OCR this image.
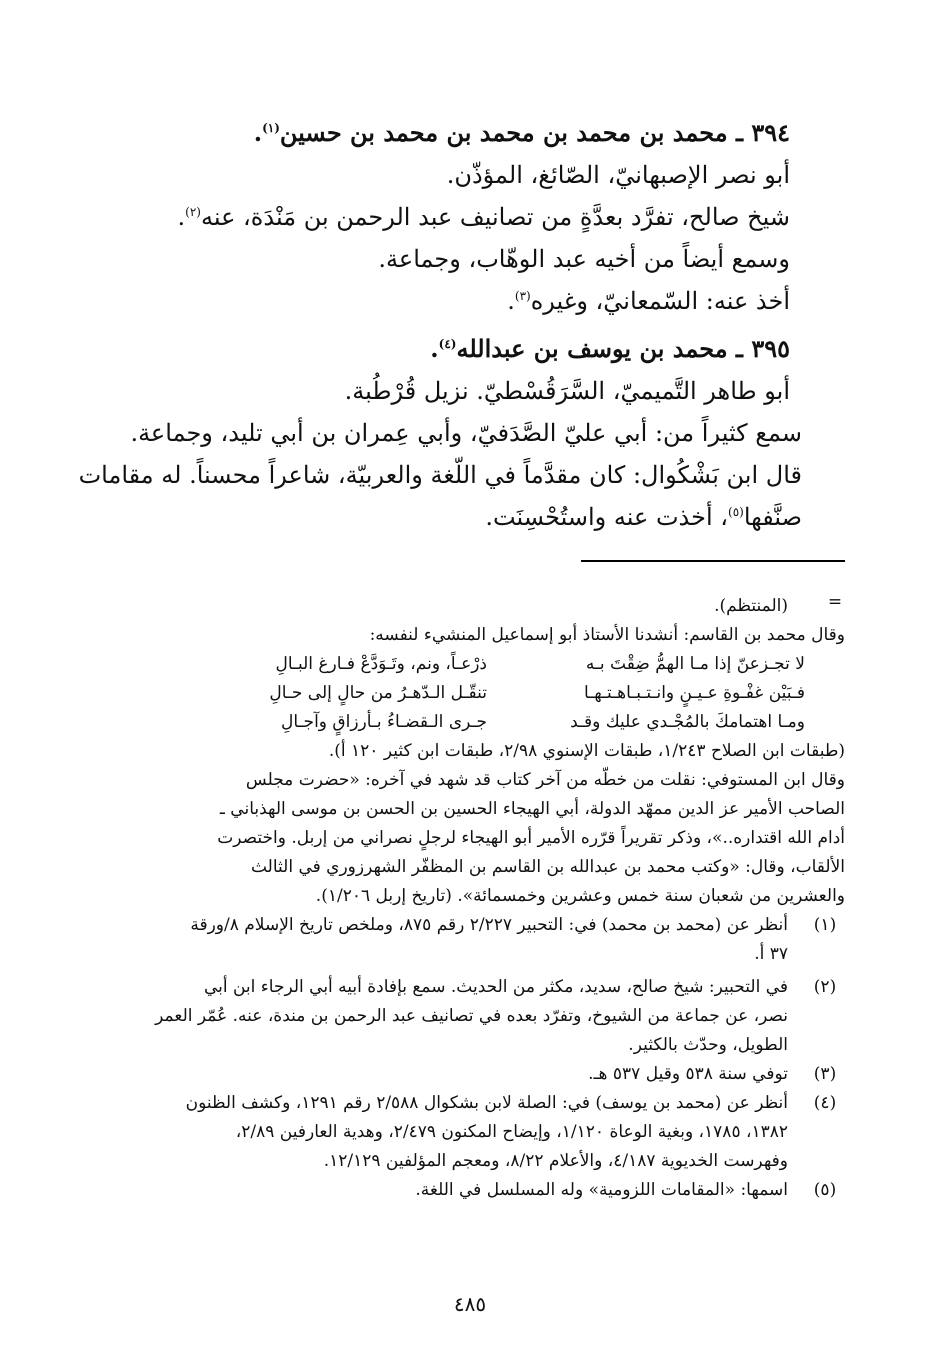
٣٩٤ ـ محمد بن محمد بن محمد بن محمد بن حسين$^{(١)}$.

أبو نصر الإصبهانيّ، الصّائغ، المؤذّن.

شيخ صالح، تفرَّد بعدَّةٍ من تصانيف عبد الرحمن بن مَنْدَة، عنه$^{(٢)}$.

وسمع أيضاً من أخيه عبد الوهّاب، وجماعة.

أخذ عنه: السّمعانيّ، وغيره$^{(٣)}$.

٣٩٥ ـ محمد بن يوسف بن عبدالله$^{(٤)}$.

أبو طاهر التَّميميّ، السَّرَقُسْطيّ. نزيل قُرْطُبة.

سمع كثيراً من: أبي عليّ الصَّدَفيّ، وأبي عِمران بن أبي تليد، وجماعة.

قال ابن بَشْكُوال: كان مقدَّماً في اللّغة والعربيّة، شاعراً محسناً. له مقامات

صنَّفها$^{(٥)}$، أخذت عنه واستُحْسِنَت.

=

(المنتظم).

وقال محمد بن القاسم: أنشدنا الأستاذ أبو إسماعيل المنشيء لنفسه:

لا تجـزعنّ إذا مـا الهمُّ ضِقْتَ بـه
ذرْعـاً، ونم، وتَـوَدَّعْ فـارغ البـالِ
فـبَيْن غفْـوةِ عـيـنٍ وانـتـبـاهـتـهـا
تنقّـل الـدّهـرُ من حالٍ إلى حـالِ
ومـا اهتمامكَ بالمُجْـدي عليك وقـد
جـرى الـقضـاءُ بـأرزاقٍ وآجـالِ

(طبقات ابن الصلاح ١/٢٤٣، طبقات الإسنوي ٢/٩٨، طبقات ابن كثير ١٢٠ أ).

وقال ابن المستوفي: نقلت من خطّه من آخر كتاب قد شهد في آخره: «حضرت مجلس

الصاحب الأمير عز الدين ممهّد الدولة، أبي الهيجاء الحسين بن الحسن بن موسى الهذباني ـ

أدام الله اقتداره..»، وذكر تقريراً قرّره الأمير أبو الهيجاء لرجلٍ نصراني من إربل. واختصرت

الألقاب، وقال: «وكتب محمد بن عبدالله بن القاسم بن المظفّر الشهرزوري في الثالث

والعشرين من شعبان سنة خمس وعشرين وخمسمائة». (تاريخ إربل ١/٢٠٦).

(١)

أنظر عن (محمد بن محمد) في: التحبير ٢/٢٢٧ رقم ٨٧٥، وملخص تاريخ الإسلام ٨/ورقة

٣٧ أ.

(٢)

في التحبير: شيخ صالح، سديد، مكثر من الحديث. سمع بإفادة أبيه أبي الرجاء ابن أبي

نصر، عن جماعة من الشيوخ، وتفرّد بعده في تصانيف عبد الرحمن بن مندة، عنه. عُمّر العمر

الطويل، وحدّث بالكثير.

(٣)

توفي سنة ٥٣٨ وقيل ٥٣٧ هـ.

(٤)

أنظر عن (محمد بن يوسف) في: الصلة لابن بشكوال ٢/٥٨٨ رقم ١٢٩١، وكشف الظنون

١٣٨٢، ١٧٨٥، وبغية الوعاة ١/١٢٠، وإيضاح المكنون ٢/٤٧٩، وهدية العارفين ٢/٨٩،

وفهرست الخديوية ٤/١٨٧، والأعلام ٨/٢٢، ومعجم المؤلفين ١٢/١٢٩.

(٥)

اسمها: «المقامات اللزومية» وله المسلسل في اللغة.

٤٨٥
